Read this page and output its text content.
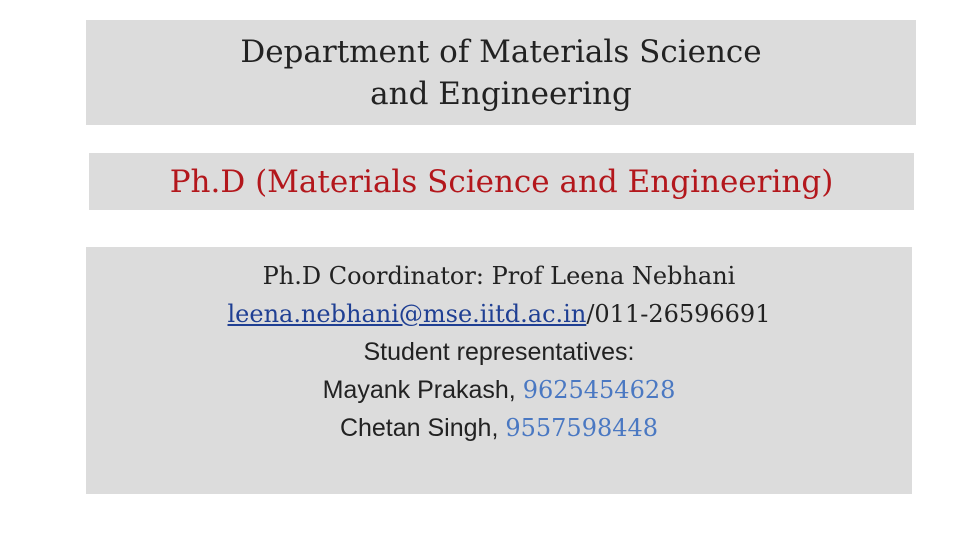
Department of Materials Science
and Engineering
Ph.D (Materials Science and Engineering)
Ph.D Coordinator: Prof Leena Nebhani
leena.nebhani@mse.iitd.ac.in/011-26596691
Student representatives:
Mayank Prakash, 9625454628
Chetan Singh, 9557598448
